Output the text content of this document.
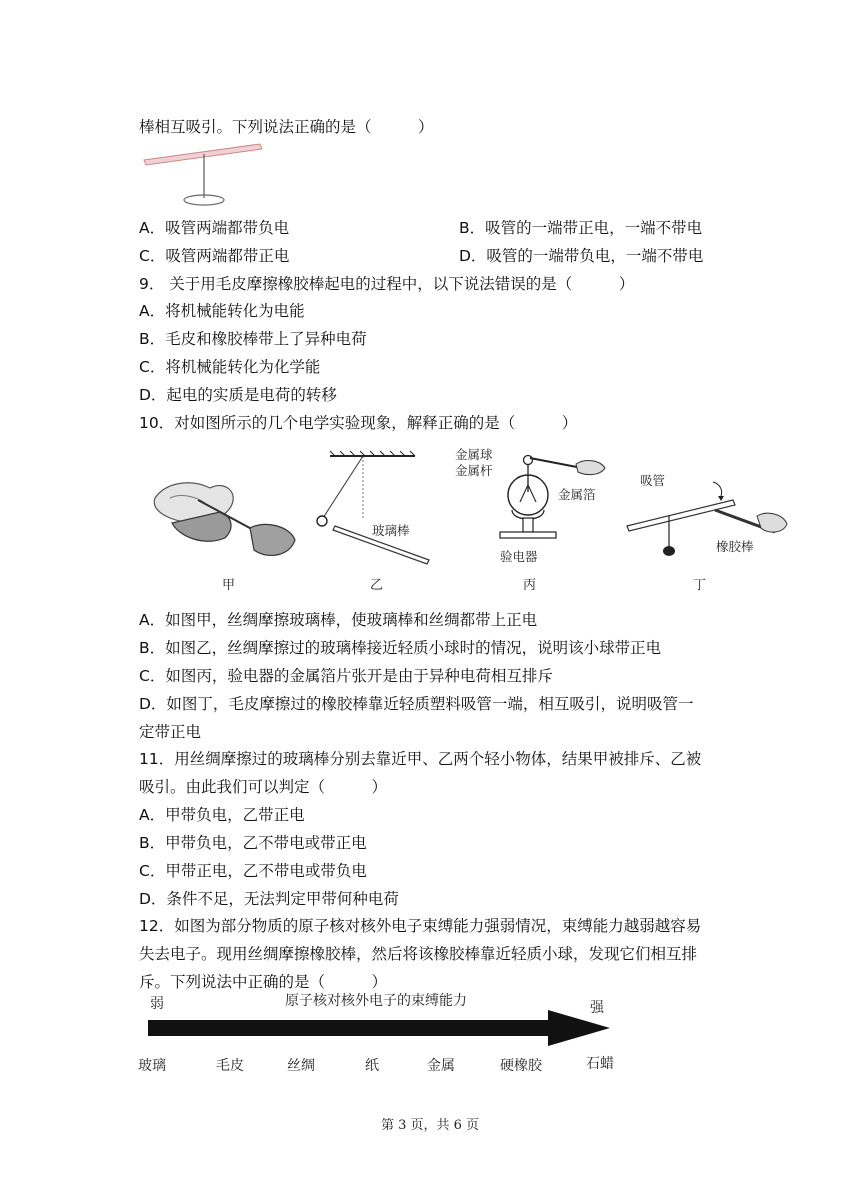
棒相互吸引。下列说法正确的是（　　　）
A．吸管两端都带负电	B．吸管的一端带正电，一端不带电
C．吸管两端都带正电	D．吸管的一端带负电，一端不带电
9． 关于用毛皮摩擦橡胶棒起电的过程中，以下说法错误的是（　　　）
A．将机械能转化为电能
B．毛皮和橡胶棒带上了异种电荷
C．将机械能转化为化学能
D．起电的实质是电荷的转移
10．对如图所示的几个电学实验现象，解释正确的是（　　　）
玻璃棒
金属球
金属杆
金属箔
验电器
吸管
橡胶棒
甲	乙	丙	丁
A．如图甲，丝绸摩擦玻璃棒，使玻璃棒和丝绸都带上正电
B．如图乙，丝绸摩擦过的玻璃棒接近轻质小球时的情况，说明该小球带正电
C．如图丙，验电器的金属箔片张开是由于异种电荷相互排斥
D．如图丁，毛皮摩擦过的橡胶棒靠近轻质塑料吸管一端，相互吸引，说明吸管一
定带正电
11．用丝绸摩擦过的玻璃棒分别去靠近甲、乙两个轻小物体，结果甲被排斥、乙被
吸引。由此我们可以判定（　　　）
A．甲带负电，乙带正电
B．甲带负电，乙不带电或带正电
C．甲带正电，乙不带电或带负电
D．条件不足，无法判定甲带何种电荷
12．如图为部分物质的原子核对核外电子束缚能力强弱情况，束缚能力越弱越容易
失去电子。现用丝绸摩擦橡胶棒，然后将该橡胶棒靠近轻质小球，发现它们相互排
斥。下列说法中正确的是（　　　）
弱	原子核对核外电子的束缚能力	强
玻璃	毛皮	丝绸	纸	金属	硬橡胶	石蜡
第 3 页，共 6 页
